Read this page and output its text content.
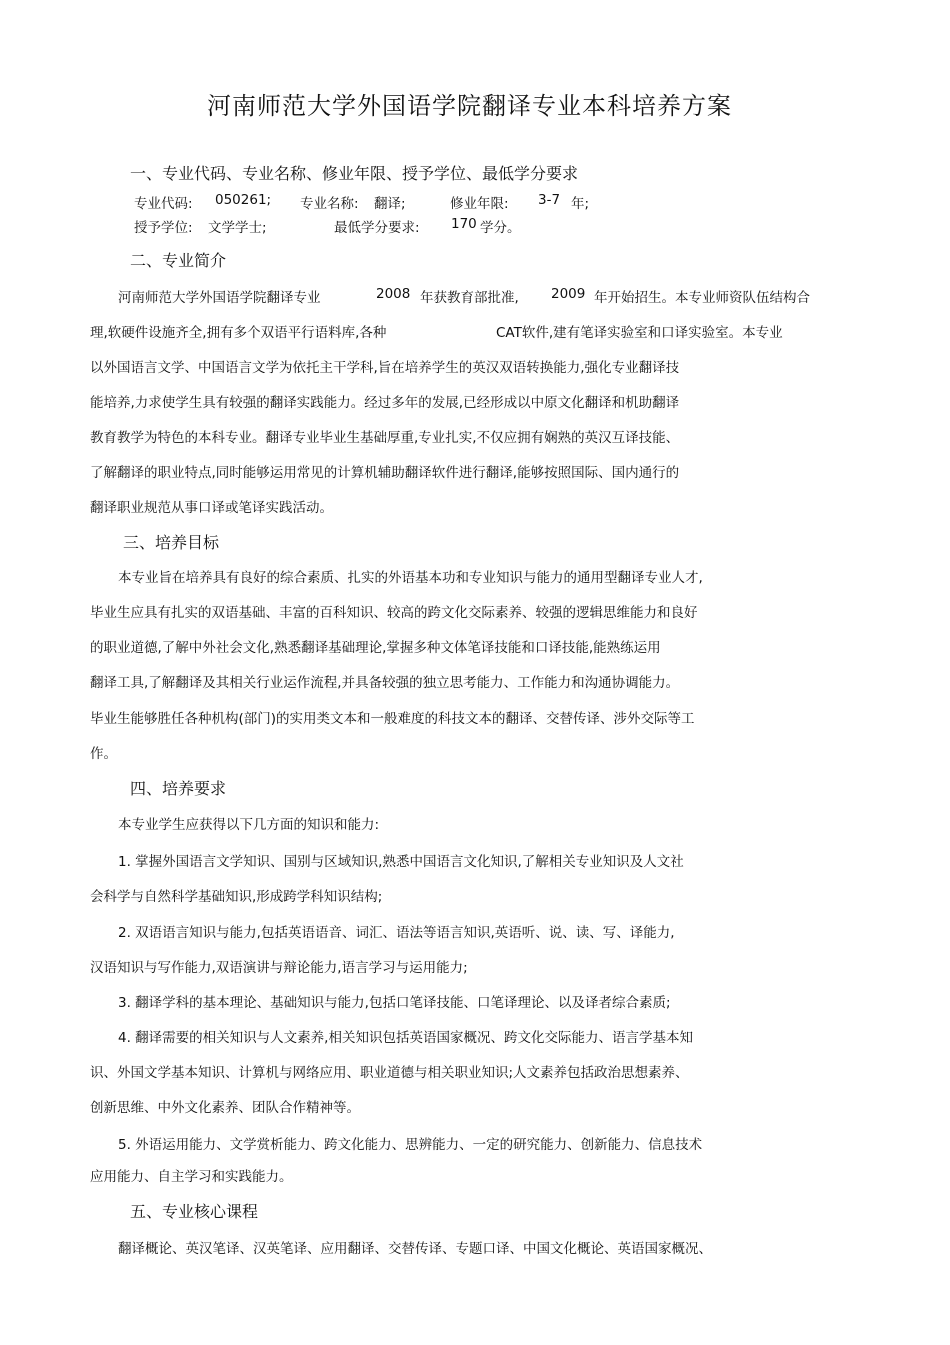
河南师范大学外国语学院翻译专业本科培养方案
一、专业代码、专业名称、修业年限、授予学位、最低学分要求
专业代码: 050261; 专业名称: 翻译;	修业年限: 3-7 年;
授予学位: 文学学士;	最低学分要求: 170 学分。
二、专业简介
河南师范大学外国语学院翻译专业	2008 年获教育部批准, 2009 年开始招生。本专业师资队伍结构合
理,软硬件设施齐全,拥有多个双语平行语料库,各种	CAT软件,建有笔译实验室和口译实验室。本专业
以外国语言文学、中国语言文学为依托主干学科,旨在培养学生的英汉双语转换能力,强化专业翻译技
能培养,力求使学生具有较强的翻译实践能力。经过多年的发展,已经形成以中原文化翻译和机助翻译
教育教学为特色的本科专业。翻译专业毕业生基础厚重,专业扎实,不仅应拥有娴熟的英汉互译技能、
了解翻译的职业特点,同时能够运用常见的计算机辅助翻译软件进行翻译,能够按照国际、国内通行的
翻译职业规范从事口译或笔译实践活动。
三、培养目标
本专业旨在培养具有良好的综合素质、扎实的外语基本功和专业知识与能力的通用型翻译专业人才,
毕业生应具有扎实的双语基础、丰富的百科知识、较高的跨文化交际素养、较强的逻辑思维能力和良好
的职业道德,了解中外社会文化,熟悉翻译基础理论,掌握多种文体笔译技能和口译技能,能熟练运用
翻译工具,了解翻译及其相关行业运作流程,并具备较强的独立思考能力、工作能力和沟通协调能力。
毕业生能够胜任各种机构(部门)的实用类文本和一般难度的科技文本的翻译、交替传译、涉外交际等工
作。
四、培养要求
本专业学生应获得以下几方面的知识和能力:
1. 掌握外国语言文学知识、国别与区域知识,熟悉中国语言文化知识,了解相关专业知识及人文社
会科学与自然科学基础知识,形成跨学科知识结构;
2. 双语语言知识与能力,包括英语语音、词汇、语法等语言知识,英语听、说、读、写、译能力,
汉语知识与写作能力,双语演讲与辩论能力,语言学习与运用能力;
3. 翻译学科的基本理论、基础知识与能力,包括口笔译技能、口笔译理论、以及译者综合素质;
4. 翻译需要的相关知识与人文素养,相关知识包括英语国家概况、跨文化交际能力、语言学基本知
识、外国文学基本知识、计算机与网络应用、职业道德与相关职业知识;人文素养包括政治思想素养、
创新思维、中外文化素养、团队合作精神等。
5. 外语运用能力、文学赏析能力、跨文化能力、思辨能力、一定的研究能力、创新能力、信息技术
应用能力、自主学习和实践能力。
五、专业核心课程
翻译概论、英汉笔译、汉英笔译、应用翻译、交替传译、专题口译、中国文化概论、英语国家概况、
